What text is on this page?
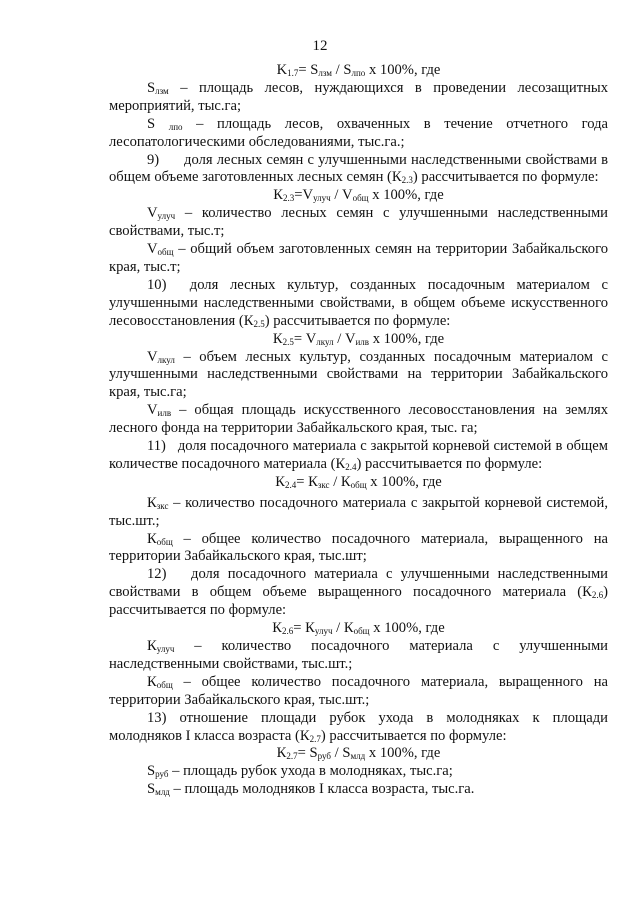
12

$K_{1.7}= S_{лзм} / S_{лпо}$ х 100%, где

$S_{лзм}$ – площадь лесов, нуждающихся в проведении лесозащитных мероприятий, тыс.га;

S $_{лпо}$ – площадь лесов, охваченных в течение отчетного года лесопатологическими обследованиями, тыс.га.;

9)      доля лесных семян с улучшенными наследственными свойствами в общем объеме заготовленных лесных семян $(К_{2.3})$ рассчитывается по формуле:

$К_{2.3}=V_{улуч} / V_{общ}$ х 100%, где

$V_{улуч}$ – количество лесных семян с улучшенными наследственными свойствами, тыс.т;

$V_{общ}$ – общий объем заготовленных семян на территории Забайкальского края, тыс.т;

10)  доля лесных культур, созданных посадочным материалом с улучшенными наследственными свойствами, в общем объеме искусственного лесовосстановления $(К_{2.5})$ рассчитывается по формуле:

$К_{2.5}= V_{лкул} / V_{илв}$ х 100%, где

$V_{лкул}$ – объем лесных культур, созданных посадочным материалом с улучшенными наследственными свойствами на территории Забайкальского края, тыс.га;

$V_{илв}$ – общая площадь искусственного лесовосстановления на землях лесного фонда на территории Забайкальского края, тыс. га;

11)   доля посадочного материала с закрытой корневой системой в общем количестве посадочного материала $(К_{2.4})$ рассчитывается по формуле:

$К_{2.4}= К_{зкс} / К_{общ}$ х 100%, где

$К_{зкс}$ – количество посадочного материала с закрытой корневой системой, тыс.шт.;

$К_{общ}$ – общее количество посадочного материала, выращенного на территории Забайкальского края, тыс.шт;

12)   доля посадочного материала с улучшенными наследственными свойствами в общем объеме выращенного посадочного материала $(К_{2.6})$ рассчитывается по формуле:

$К_{2.6}= К_{улуч} / К_{общ}$ х 100%, где

$К_{улуч}$ – количество посадочного материала с улучшенными наследственными свойствами, тыс.шт.;

$К_{общ}$ – общее количество посадочного материала, выращенного на территории Забайкальского края, тыс.шт.;

13) отношение площади рубок ухода в молодняках к площади молодняков I класса возраста $(К_{2.7})$ рассчитывается по формуле:

$К_{2.7}= S_{руб} / S_{млд}$ х 100%, где

$S_{руб}$ – площадь рубок ухода в молодняках, тыс.га;

$S_{млд}$ – площадь молодняков I класса возраста, тыс.га.
